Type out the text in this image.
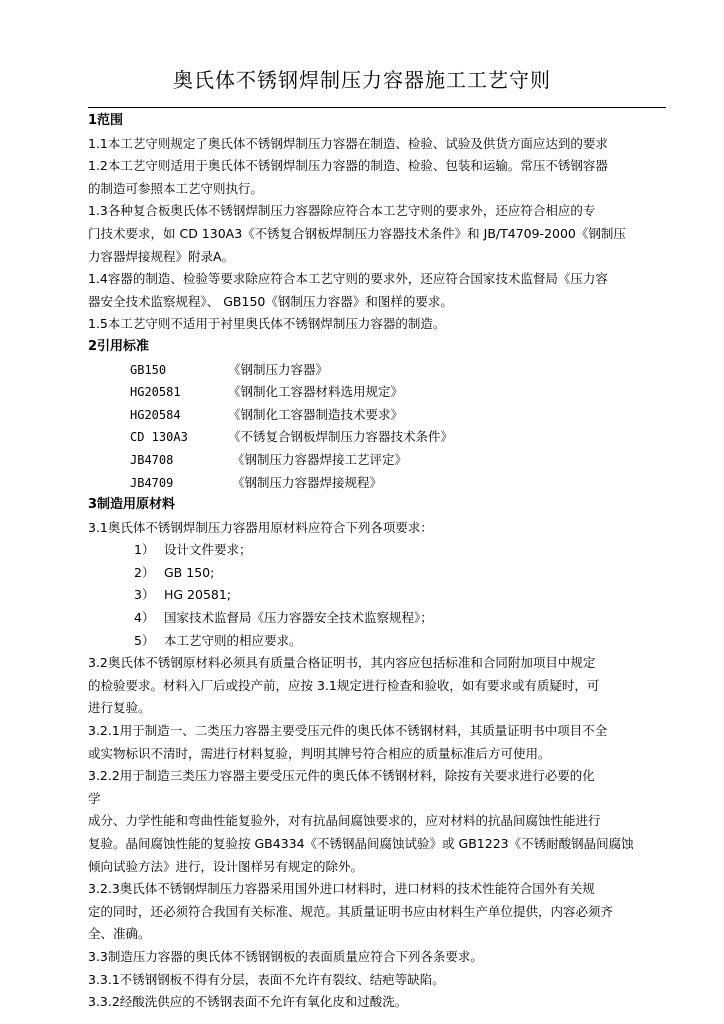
奥氏体不锈钢焊制压力容器施工工艺守则
1范围
1.1本工艺守则规定了奥氏体不锈钢焊制压力容器在制造、检验、试验及供货方面应达到的要求
1.2本工艺守则适用于奥氏体不锈钢焊制压力容器的制造、检验、包装和运输。常压不锈钢容器
的制造可参照本工艺守则执行。
1.3各种复合板奥氏体不锈钢焊制压力容器除应符合本工艺守则的要求外，还应符合相应的专
门技术要求，如 CD 130A3《不锈复合钢板焊制压力容器技术条件》和 JB/T4709-2000《钢制压
力容器焊接规程》附录A。
1.4容器的制造、检验等要求除应符合本工艺守则的要求外，还应符合国家技术监督局《压力容
器安全技术监察规程》、 GB150《钢制压力容器》和图样的要求。
1.5本工艺守则不适用于衬里奥氏体不锈钢焊制压力容器的制造。
2引用标准
GB150	《钢制压力容器》
HG20581	《钢制化工容器材料选用规定》
HG20584	《钢制化工容器制造技术要求》
CD 130A3	《不锈复合钢板焊制压力容器技术条件》
JB4708	《钢制压力容器焊接工艺评定》
JB4709	《钢制压力容器焊接规程》
3制造用原材料
3.1奥氏体不锈钢焊制压力容器用原材料应符合下列各项要求：
1） 设计文件要求；
2） GB 150;
3） HG 20581;
4） 国家技术监督局《压力容器安全技术监察规程》；
5） 本工艺守则的相应要求。
3.2奥氏体不锈钢原材料必须具有质量合格证明书，其内容应包括标准和合同附加项目中规定
的检验要求。材料入厂后或投产前，应按 3.1规定进行检查和验收，如有要求或有质疑时，可
进行复验。
3.2.1用于制造一、二类压力容器主要受压元件的奥氏体不锈钢材料，其质量证明书中项目不全
或实物标识不清时，需进行材料复验，判明其牌号符合相应的质量标准后方可使用。
3.2.2用于制造三类压力容器主要受压元件的奥氏体不锈钢材料，除按有关要求进行必要的化
学
成分、力学性能和弯曲性能复验外，对有抗晶间腐蚀要求的，应对材料的抗晶间腐蚀性能进行
复验。晶间腐蚀性能的复验按 GB4334《不锈钢晶间腐蚀试验》或 GB1223《不锈耐酸钢晶间腐蚀
倾向试验方法》进行，设计图样另有规定的除外。
3.2.3奥氏体不锈钢焊制压力容器采用国外进口材料时，进口材料的技术性能符合国外有关规
定的同时，还必须符合我国有关标准、规范。其质量证明书应由材料生产单位提供，内容必须齐
全、准确。
3.3制造压力容器的奥氏体不锈钢钢板的表面质量应符合下列各条要求。
3.3.1不锈钢钢板不得有分层，表面不允许有裂纹、结疤等缺陷。
3.3.2经酸洗供应的不锈钢表面不允许有氧化皮和过酸洗。
